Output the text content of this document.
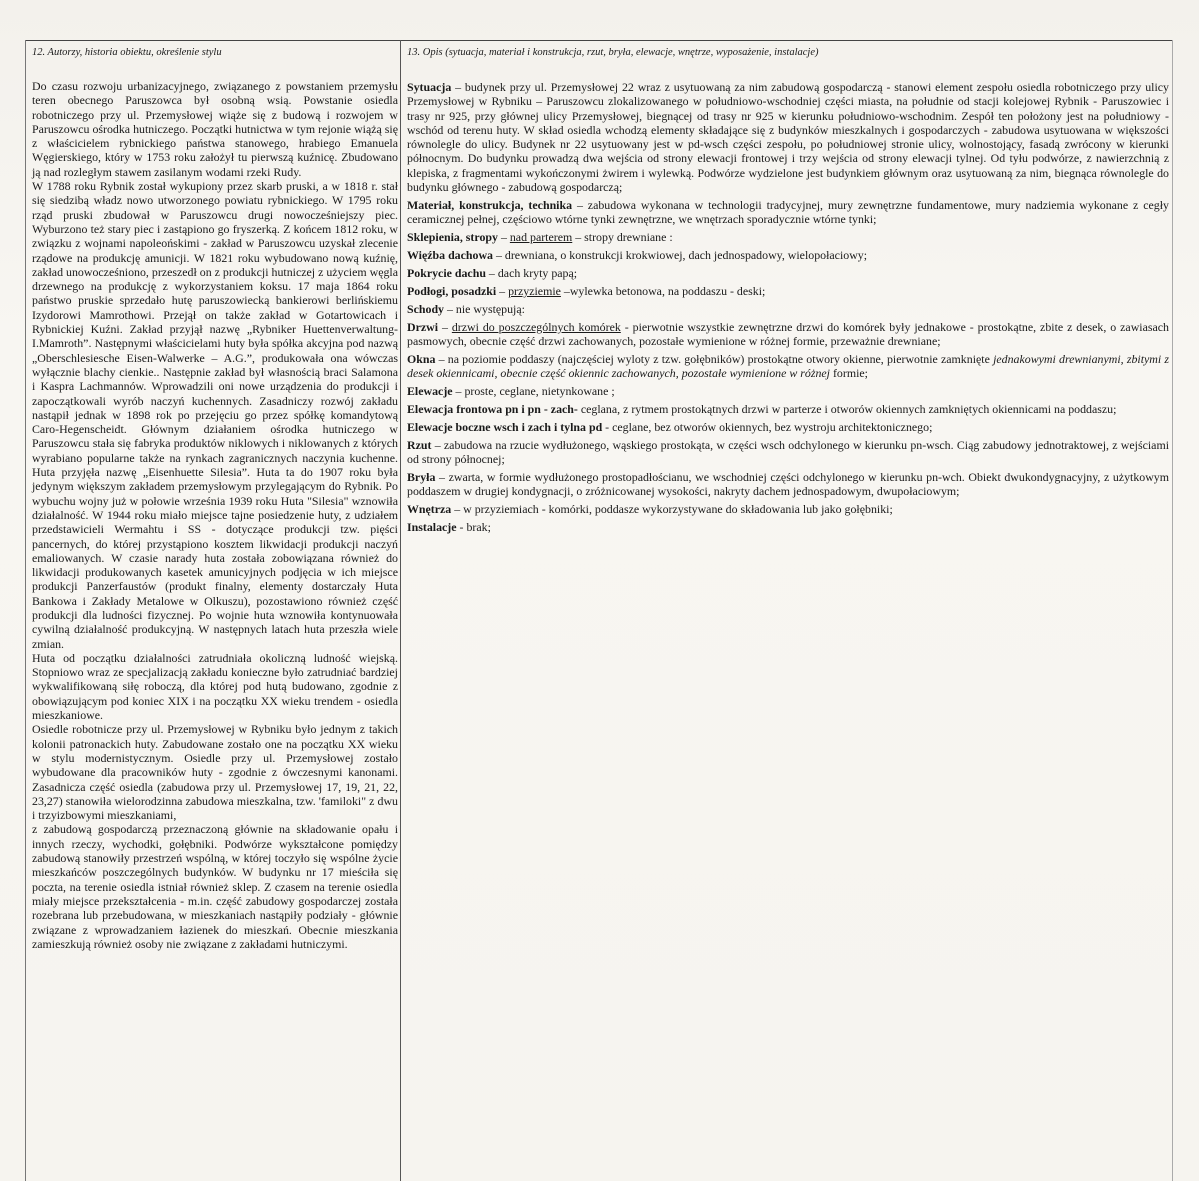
12. Autorzy, historia obiektu, określenie stylu	13. Opis (sytuacja, materiał i konstrukcja, rzut, bryła, elewacje, wnętrze, wyposażenie, instalacje)

Do czasu rozwoju urbanizacyjnego, związanego z powstaniem przemysłu teren obecnego Paruszowca był osobną wsią. Powstanie osiedla robotniczego przy ul. Przemysłowej wiąże się z budową i rozwojem w Paruszowcu ośrodka hutniczego. Początki hutnictwa w tym rejonie wiążą się z właścicielem rybnickiego państwa stanowego, hrabiego Emanuela Węgierskiego, który w 1753 roku założył tu pierwszą kuźnicę. Zbudowano ją nad rozległym stawem zasilanym wodami rzeki Rudy.

W 1788 roku Rybnik został wykupiony przez skarb pruski, a w 1818 r. stał się siedzibą władz nowo utworzonego powiatu rybnickiego. W 1795 roku rząd pruski zbudował w Paruszowcu drugi nowocześniejszy piec. Wyburzono też stary piec i zastąpiono go fryszerką. Z końcem 1812 roku, w związku z wojnami napoleońskimi - zakład w Paruszowcu uzyskał zlecenie rządowe na produkcję amunicji. W 1821 roku wybudowano nową kuźnię, zakład unowocześniono, przeszedł on z produkcji hutniczej z użyciem węgla drzewnego na produkcję z wykorzystaniem koksu. 17 maja 1864 roku państwo pruskie sprzedało hutę paruszowiecką bankierowi berlińskiemu Izydorowi Mamrothowi. Przejął on także zakład w Gotartowicach i Rybnickiej Kuźni. Zakład przyjął nazwę „Rybniker Huettenverwaltung- I.Mamroth”. Następnymi właścicielami huty była spółka akcyjna pod nazwą „Oberschlesiesche Eisen-Walwerke – A.G.”, produkowała ona wówczas wyłącznie blachy cienkie.. Następnie zakład był własnością braci Salamona i Kaspra Lachmannów. Wprowadzili oni nowe urządzenia do produkcji i zapoczątkowali wyrób naczyń kuchennych. Zasadniczy rozwój zakładu nastąpił jednak w 1898 rok po przejęciu go przez spółkę komandytową Caro-Hegenscheidt. Głównym działaniem ośrodka hutniczego w Paruszowcu stała się fabryka produktów niklowych i niklowanych z których wyrabiano popularne także na rynkach zagranicznych naczynia kuchenne. Huta przyjęła nazwę „Eisenhuette Silesia”. Huta ta do 1907 roku była jedynym większym zakładem przemysłowym przylegającym do Rybnik. Po wybuchu wojny już w połowie września 1939 roku Huta "Silesia" wznowiła działalność. W 1944 roku miało miejsce tajne posiedzenie huty, z udziałem przedstawicieli Wermahtu i SS - dotyczące produkcji tzw. pięści pancernych, do której przystąpiono kosztem likwidacji produkcji naczyń emaliowanych. W czasie narady huta została zobowiązana również do likwidacji produkowanych kasetek amunicyjnych podjęcia w ich miejsce produkcji Panzerfaustów (produkt finalny, elementy dostarczały Huta Bankowa i Zakłady Metalowe w Olkuszu), pozostawiono również część produkcji dla ludności fizycznej. Po wojnie huta wznowiła kontynuowała cywilną działalność produkcyjną. W następnych latach huta przeszła wiele zmian.

Huta od początku działalności zatrudniała okoliczną ludność wiejską. Stopniowo wraz ze specjalizacją zakładu konieczne było zatrudniać bardziej wykwalifikowaną siłę roboczą, dla której pod hutą budowano, zgodnie z obowiązującym pod koniec XIX i na początku XX wieku trendem - osiedla mieszkaniowe.

Osiedle robotnicze przy ul. Przemysłowej w Rybniku było jednym z takich kolonii patronackich huty. Zabudowane zostało one na początku XX wieku w stylu modernistycznym. Osiedle przy ul. Przemysłowej zostało wybudowane dla pracowników huty - zgodnie z ówczesnymi kanonami. Zasadnicza część osiedla (zabudowa przy ul. Przemysłowej 17, 19, 21, 22, 23,27) stanowiła wielorodzinna zabudowa mieszkalna, tzw. 'familoki" z dwu i trzyizbowymi mieszkaniami,

z zabudową gospodarczą przeznaczoną głównie na składowanie opału i innych rzeczy, wychodki, gołębniki. Podwórze wykształcone pomiędzy zabudową stanowiły przestrzeń wspólną, w której toczyło się wspólne życie mieszkańców poszczególnych budynków. W budynku nr 17 mieściła się poczta, na terenie osiedla istniał również sklep. Z czasem na terenie osiedla miały miejsce przekształcenia - m.in. część zabudowy gospodarczej została rozebrana lub przebudowana, w mieszkaniach nastąpiły podziały - głównie związane z wprowadzaniem łazienek do mieszkań. Obecnie mieszkania zamieszkują również osoby nie związane z zakładami hutniczymi.

Sytuacja – budynek przy ul. Przemysłowej 22 wraz z usytuowaną za nim zabudową gospodarczą - stanowi element zespołu osiedla robotniczego przy ulicy Przemysłowej w Rybniku – Paruszowcu zlokalizowanego w południowo-wschodniej części miasta, na południe od stacji kolejowej Rybnik - Paruszowiec i trasy nr 925, przy głównej ulicy Przemysłowej, biegnącej od trasy nr 925 w kierunku południowo-wschodnim. Zespół ten położony jest na południowy - wschód od terenu huty. W skład osiedla wchodzą elementy składające się z budynków mieszkalnych i gospodarczych - zabudowa usytuowana w większości równolegle do ulicy. Budynek nr 22 usytuowany jest w pd-wsch części zespołu, po południowej stronie ulicy, wolnostojący, fasadą zwrócony w kierunki północnym. Do budynku prowadzą dwa wejścia od strony elewacji frontowej i trzy wejścia od strony elewacji tylnej. Od tyłu podwórze, z nawierzchnią z klepiska, z fragmentami wykończonymi żwirem i wylewką. Podwórze wydzielone jest budynkiem głównym oraz usytuowaną za nim, biegnąca równolegle do budynku głównego - zabudową gospodarczą;

Materiał, konstrukcja, technika – zabudowa wykonana w technologii tradycyjnej, mury zewnętrzne fundamentowe, mury nadziemia wykonane z cegły ceramicznej pełnej, częściowo wtórne tynki zewnętrzne, we wnętrzach sporadycznie wtórne tynki;

Sklepienia, stropy – nad parterem – stropy drewniane :

Więźba dachowa – drewniana, o konstrukcji krokwiowej, dach jednospadowy, wielopołaciowy;

Pokrycie dachu – dach kryty papą;

Podłogi, posadzki – przyziemie –wylewka betonowa, na poddaszu - deski;

Schody – nie występują:

Drzwi – drzwi do poszczególnych komórek - pierwotnie wszystkie zewnętrzne drzwi do komórek były jednakowe - prostokątne, zbite z desek, o zawiasach pasmowych, obecnie część drzwi zachowanych, pozostałe wymienione w różnej formie, przeważnie drewniane;

Okna – na poziomie poddaszy (najczęściej wyloty z tzw. gołębników) prostokątne otwory okienne, pierwotnie zamknięte jednakowymi drewnianymi, zbitymi z desek okiennicami, obecnie część okiennic zachowanych, pozostałe wymienione w różnej formie;

Elewacje – proste, ceglane, nietynkowane ;

Elewacja frontowa pn i pn - zach- ceglana, z rytmem prostokątnych drzwi w parterze i otworów okiennych zamkniętych okiennicami na poddaszu;

Elewacje boczne wsch i zach i tylna pd - ceglane, bez otworów okiennych, bez wystroju architektonicznego;

Rzut – zabudowa na rzucie wydłużonego, wąskiego prostokąta, w części wsch odchylonego w kierunku pn-wsch. Ciąg zabudowy jednotraktowej, z wejściami od strony północnej;

Bryła – zwarta, w formie wydłużonego prostopadłościanu, we wschodniej części odchylonego w kierunku pn-wch. Obiekt dwukondygnacyjny, z użytkowym poddaszem w drugiej kondygnacji, o zróżnicowanej wysokości, nakryty dachem jednospadowym, dwupołaciowym;

Wnętrza – w przyziemiach - komórki, poddasze wykorzystywane do składowania lub jako gołębniki;

Instalacje - brak;
